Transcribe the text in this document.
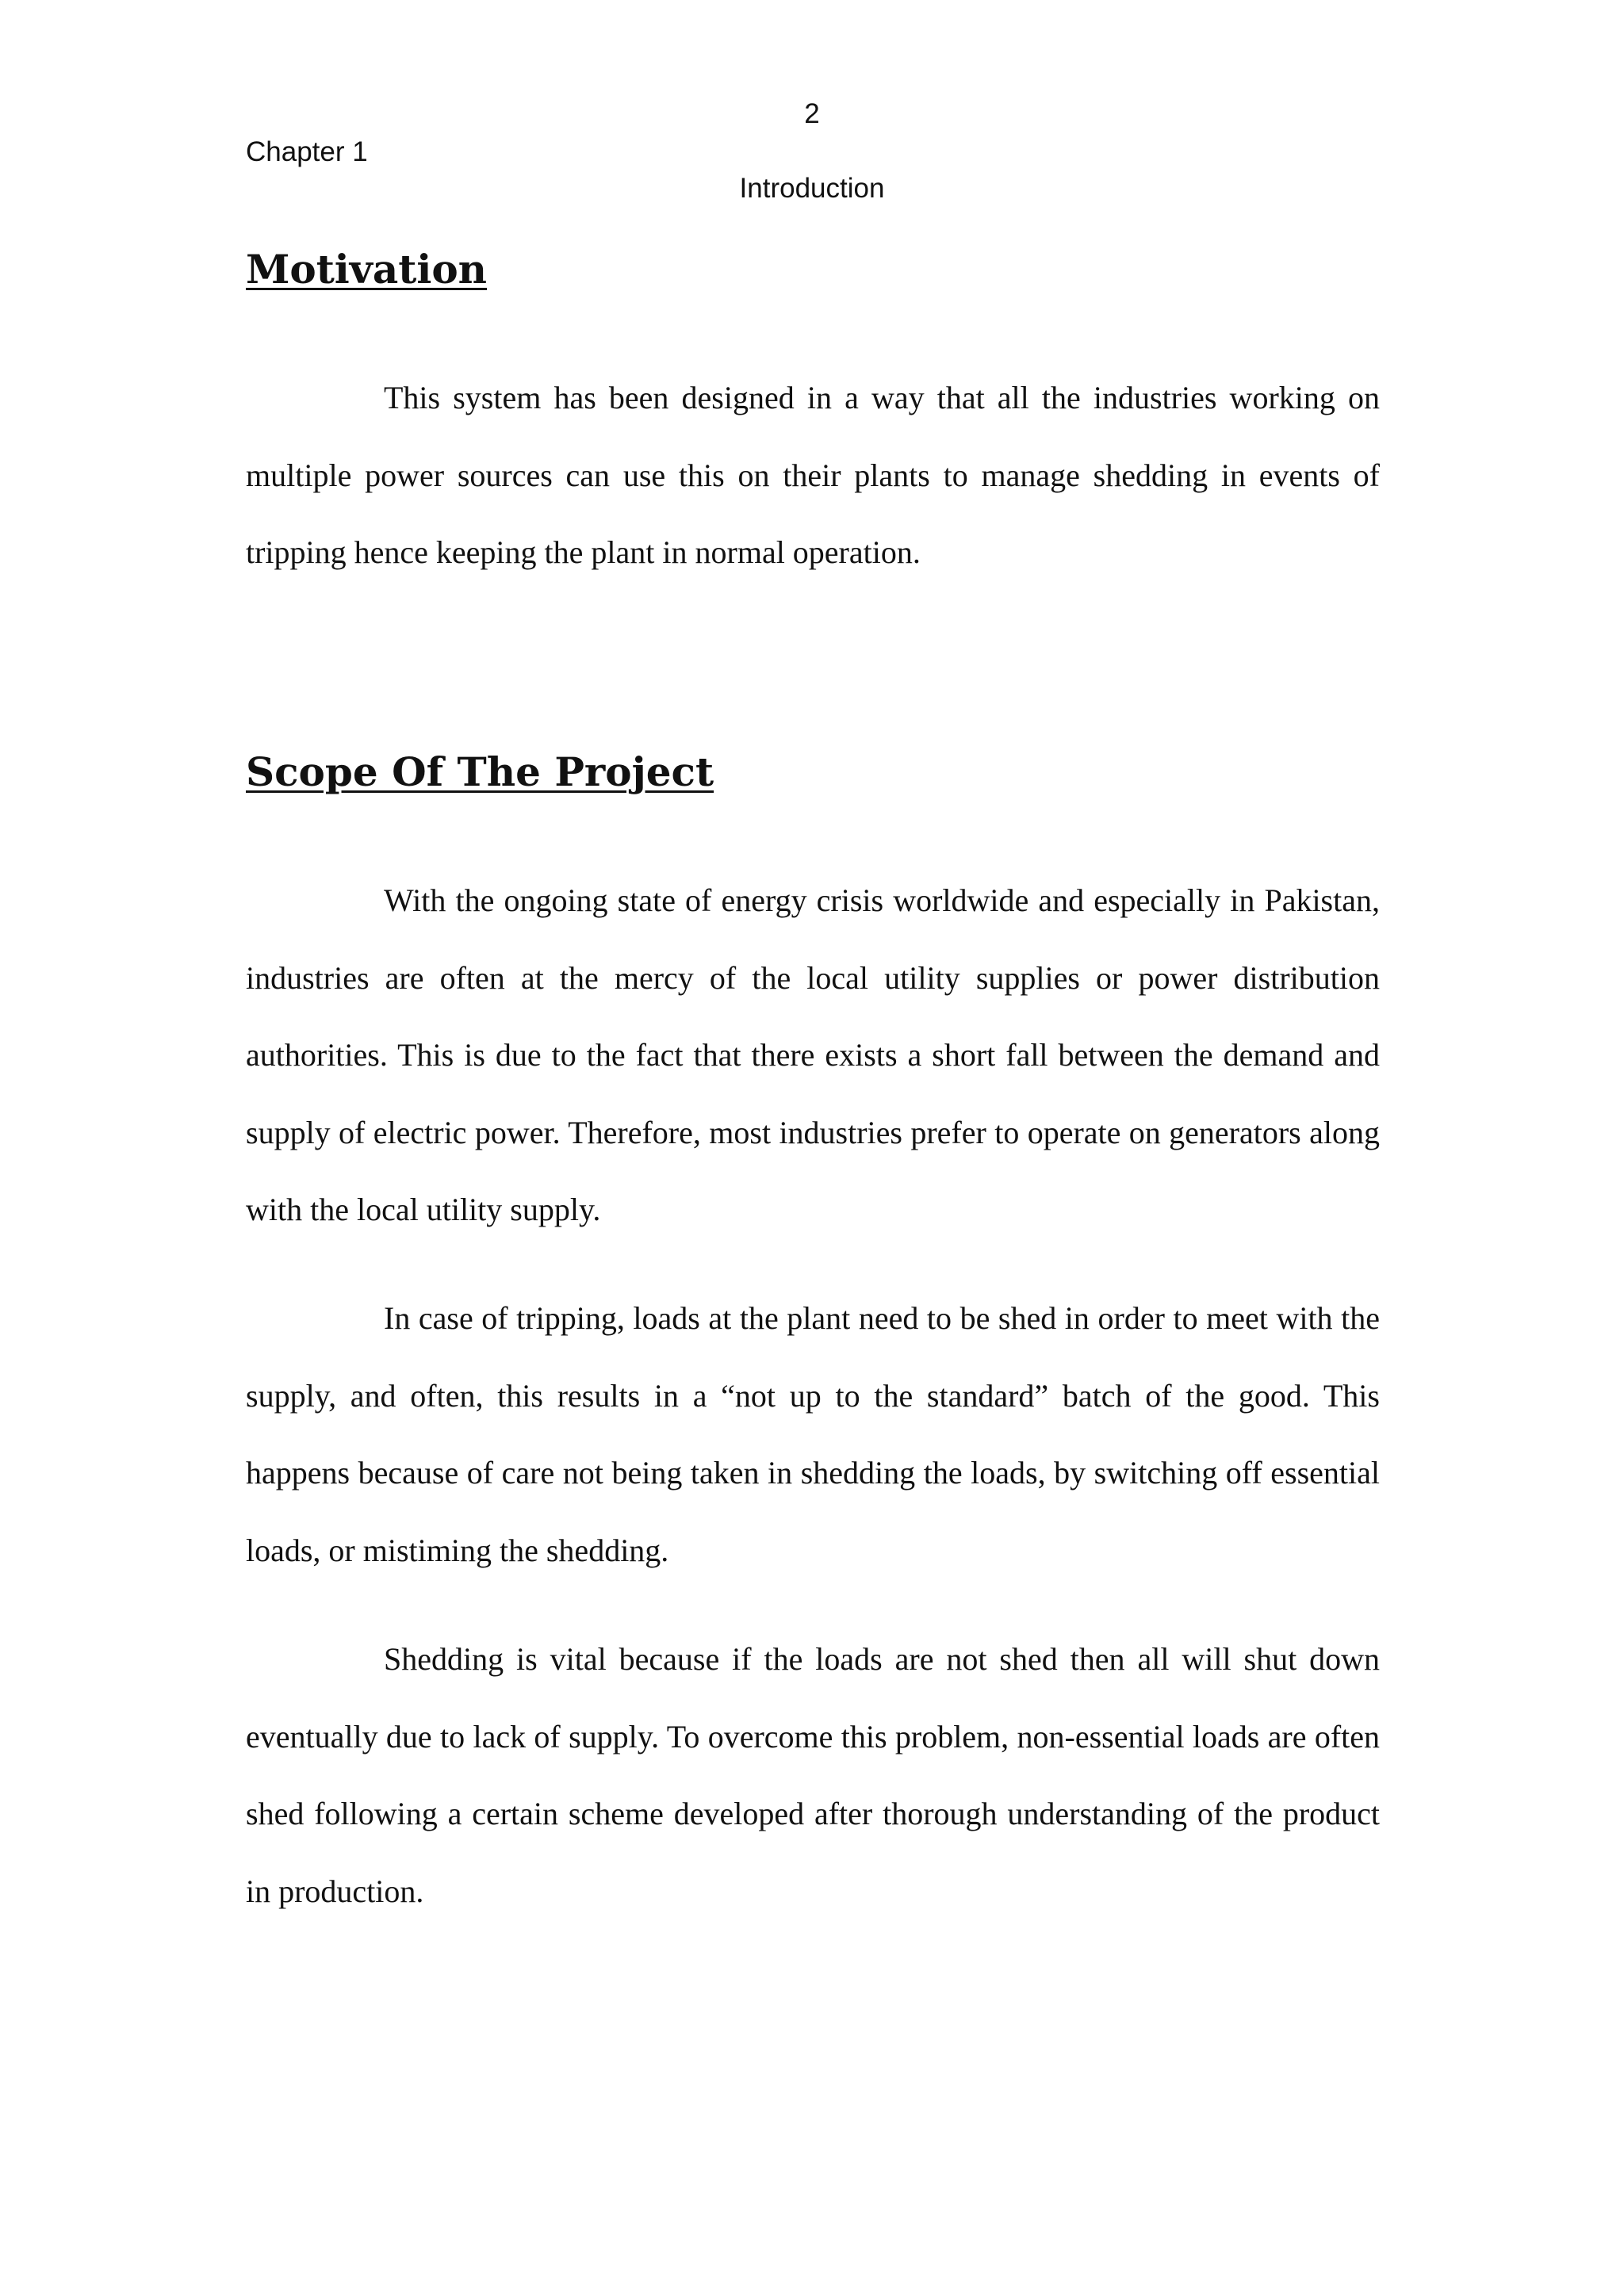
2
Chapter 1
Introduction
Motivation

This system has been designed in a way that all the industries working on multiple power sources can use this on their plants to manage shedding in events of tripping hence keeping the plant in normal operation.

Scope Of The Project

With the ongoing state of energy crisis worldwide and especially in Pakistan, industries are often at the mercy of the local utility supplies or power distribution authorities. This is due to the fact that there exists a short fall between the demand and supply of electric power. Therefore, most industries prefer to operate on generators along with the local utility supply.

In case of tripping, loads at the plant need to be shed in order to meet with the supply, and often, this results in a “not up to the standard” batch of the good. This happens because of care not being taken in shedding the loads, by switching off essential loads, or mistiming the shedding.

Shedding is vital because if the loads are not shed then all will shut down eventually due to lack of supply. To overcome this problem, non-essential loads are often shed following a certain scheme developed after thorough understanding of the product in production.
